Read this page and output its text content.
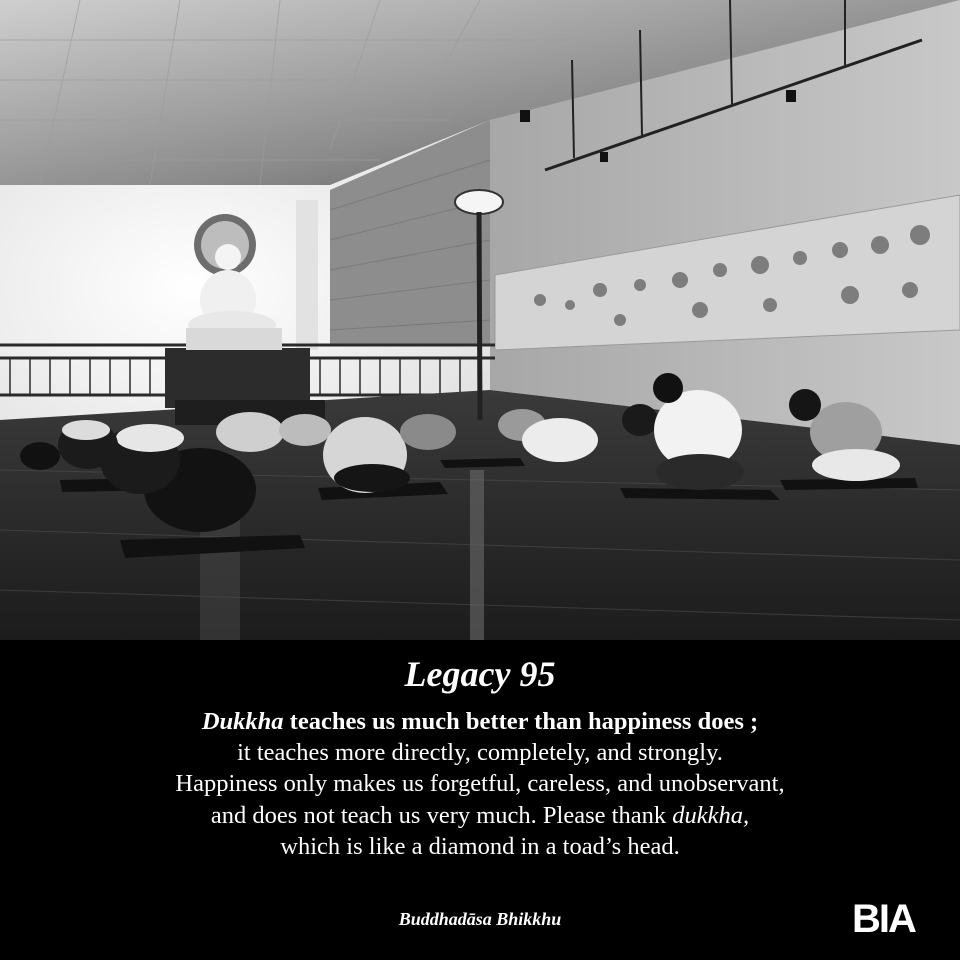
Legacy 95
Dukkha teaches us much better than happiness does ;
it teaches more directly, completely, and strongly.
Happiness only makes us forgetful, careless, and unobservant,
and does not teach us very much. Please thank dukkha,
which is like a diamond in a toad’s head.
Buddhadāsa Bhikkhu	BIA
